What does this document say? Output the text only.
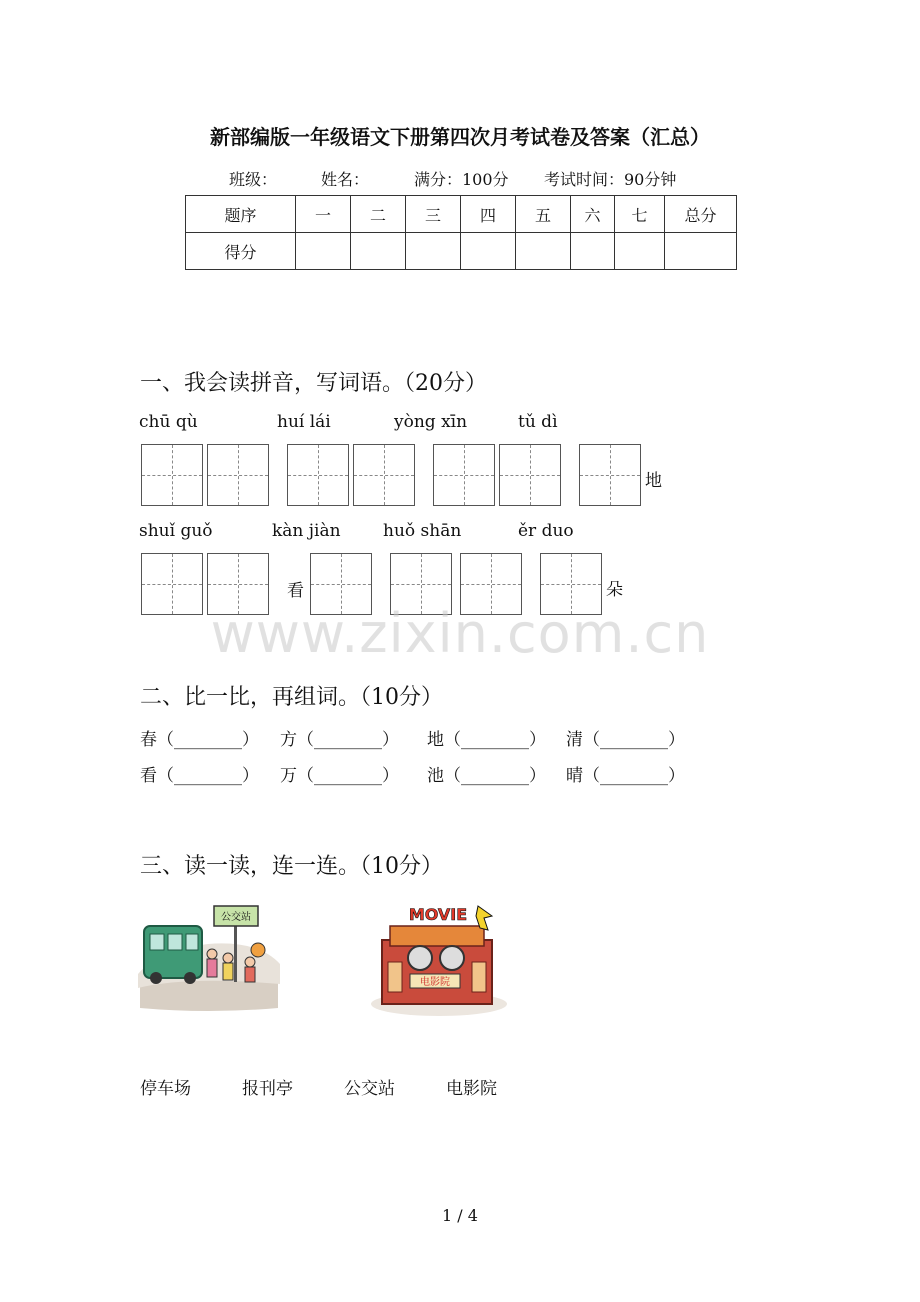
新部编版一年级语文下册第四次月考试卷及答案（汇总）
班级：	姓名：	满分：100分 考试时间：90分钟
题序	一	二	三	四	五	六	七	总分
得分								
一、我会读拼音，写词语。（20分）
chū qù	huí lái	yòng xīn	tǔ dì
地
shuǐ guǒ	kàn jiàn huǒ shān	ěr duo
看	朵
www.zixin.com.cn
二、比一比，再组词。（10分）
春（________） 方（________） 地（________） 清（________）
看（________） 万（________） 池（________） 晴（________）
三、读一读，连一连。（10分）
公交站	MOVIE
电影院
停车场	报刊亭	公交站	电影院
1 / 4
